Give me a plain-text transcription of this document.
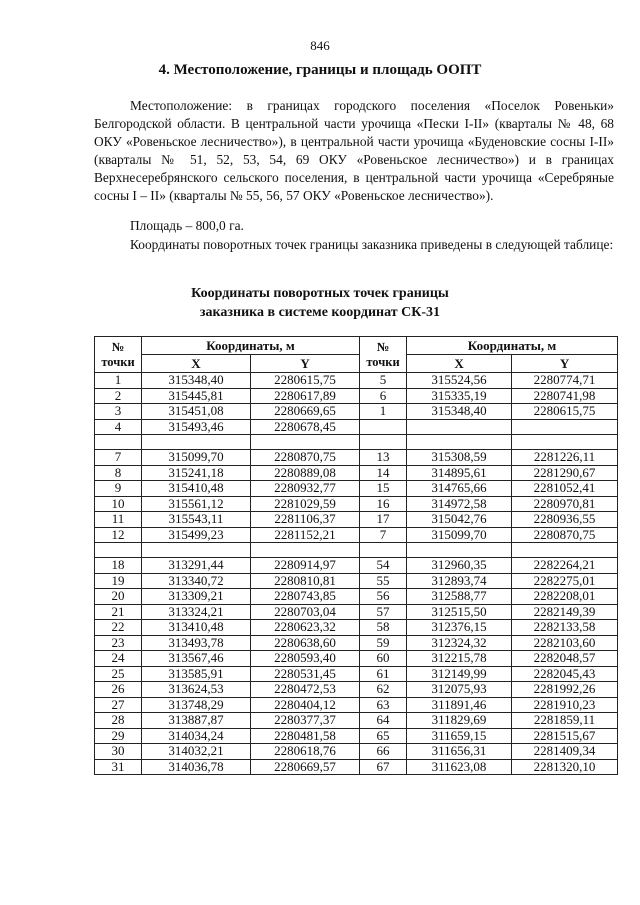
846
4. Местоположение, границы и площадь ООПТ

Местоположение: в границах городского поселения «Поселок Ровеньки» Белгородской области. В центральной части урочища «Пески I-II» (кварталы № 48, 68 ОКУ «Ровеньское лесничество»), в центральной части урочища «Буденовские сосны I-II» (кварталы № 51, 52, 53, 54, 69 ОКУ «Ровеньское лесничество») и в границах Верхнесеребрянского сельского поселения, в центральной части урочища «Серебряные сосны I – II» (кварталы № 55, 56, 57 ОКУ «Ровеньское лесничество»).

Площадь – 800,0 га.

Координаты поворотных точек границы заказника приведены в следующей таблице:

Координаты поворотных точек границы
заказника в системе координат СК-31
№
точки	Координаты, м		№
точки	Координаты, м	
	X	Y		X	Y
1	315348,40	2280615,75	5	315524,56	2280774,71
2	315445,81	2280617,89	6	315335,19	2280741,98
3	315451,08	2280669,65	1	315348,40	2280615,75
4	315493,46	2280678,45			

7	315099,70	2280870,75	13	315308,59	2281226,11
8	315241,18	2280889,08	14	314895,61	2281290,67
9	315410,48	2280932,77	15	314765,66	2281052,41
10	315561,12	2281029,59	16	314972,58	2280970,81
11	315543,11	2281106,37	17	315042,76	2280936,55
12	315499,23	2281152,21	7	315099,70	2280870,75

18	313291,44	2280914,97	54	312960,35	2282264,21
19	313340,72	2280810,81	55	312893,74	2282275,01
20	313309,21	2280743,85	56	312588,77	2282208,01
21	313324,21	2280703,04	57	312515,50	2282149,39
22	313410,48	2280623,32	58	312376,15	2282133,58
23	313493,78	2280638,60	59	312324,32	2282103,60
24	313567,46	2280593,40	60	312215,78	2282048,57
25	313585,91	2280531,45	61	312149,99	2282045,43
26	313624,53	2280472,53	62	312075,93	2281992,26
27	313748,29	2280404,12	63	311891,46	2281910,23
28	313887,87	2280377,37	64	311829,69	2281859,11
29	314034,24	2280481,58	65	311659,15	2281515,67
30	314032,21	2280618,76	66	311656,31	2281409,34
31	314036,78	2280669,57	67	311623,08	2281320,10
